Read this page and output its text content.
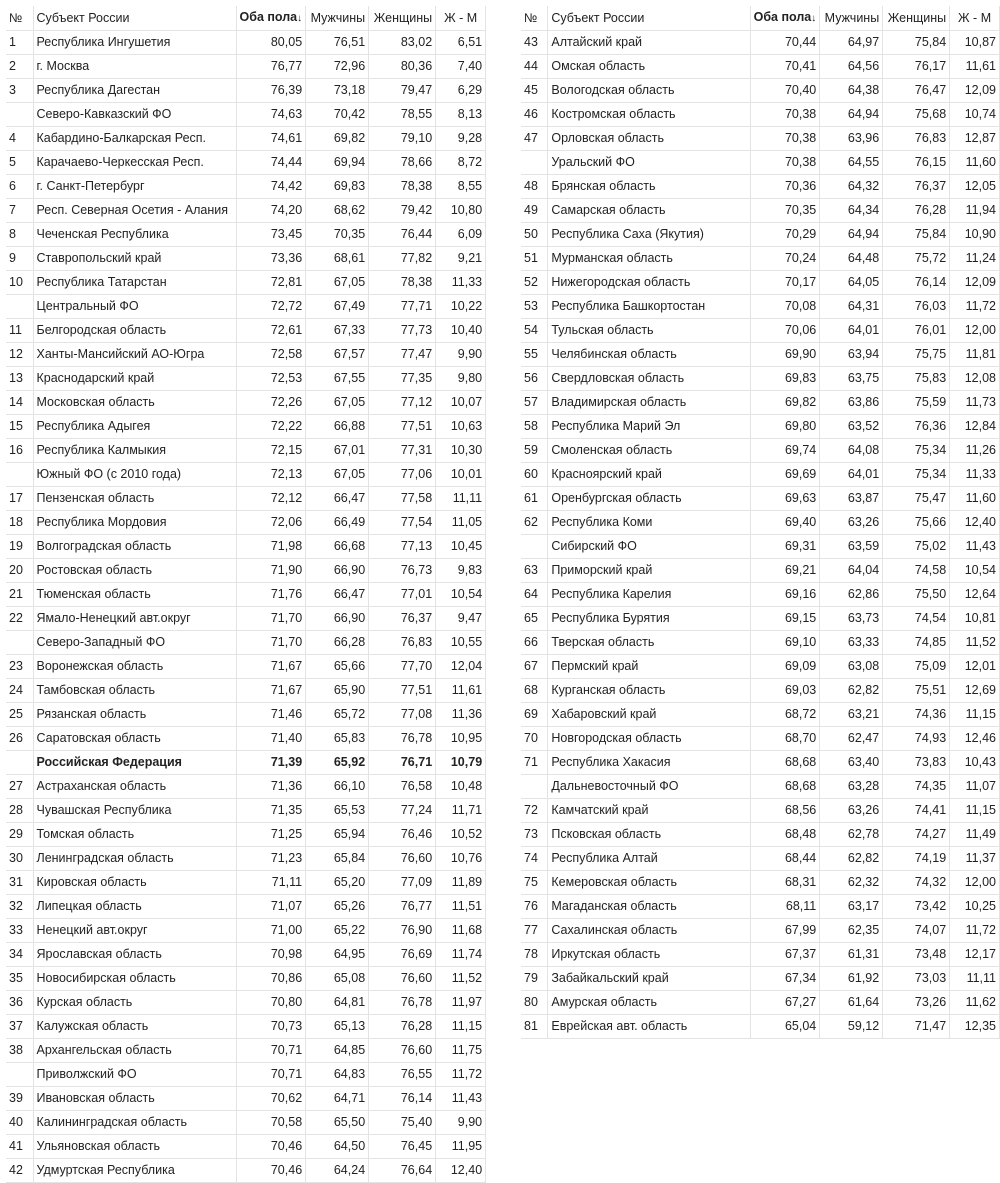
№	Субъект России	Оба пола↓	Мужчины	Женщины	Ж - М
1	Республика Ингушетия	80,05	76,51	83,02	6,51
2	г. Москва	76,77	72,96	80,36	7,40
3	Республика Дагестан	76,39	73,18	79,47	6,29
	Северо-Кавказский ФО	74,63	70,42	78,55	8,13
4	Кабардино-Балкарская Респ.	74,61	69,82	79,10	9,28
5	Карачаево-Черкесская Респ.	74,44	69,94	78,66	8,72
6	г. Санкт-Петербург	74,42	69,83	78,38	8,55
7	Респ. Северная Осетия - Алания	74,20	68,62	79,42	10,80
8	Чеченская Республика	73,45	70,35	76,44	6,09
9	Ставропольский край	73,36	68,61	77,82	9,21
10	Республика Татарстан	72,81	67,05	78,38	11,33
	Центральный ФО	72,72	67,49	77,71	10,22
11	Белгородская область	72,61	67,33	77,73	10,40
12	Ханты-Мансийский АО-Югра	72,58	67,57	77,47	9,90
13	Краснодарский край	72,53	67,55	77,35	9,80
14	Московская область	72,26	67,05	77,12	10,07
15	Республика Адыгея	72,22	66,88	77,51	10,63
16	Республика Калмыкия	72,15	67,01	77,31	10,30
	Южный ФО (с 2010 года)	72,13	67,05	77,06	10,01
17	Пензенская область	72,12	66,47	77,58	11,11
18	Республика Мордовия	72,06	66,49	77,54	11,05
19	Волгоградская область	71,98	66,68	77,13	10,45
20	Ростовская область	71,90	66,90	76,73	9,83
21	Тюменская область	71,76	66,47	77,01	10,54
22	Ямало-Ненецкий авт.округ	71,70	66,90	76,37	9,47
	Северо-Западный ФО	71,70	66,28	76,83	10,55
23	Воронежская область	71,67	65,66	77,70	12,04
24	Тамбовская область	71,67	65,90	77,51	11,61
25	Рязанская область	71,46	65,72	77,08	11,36
26	Саратовская область	71,40	65,83	76,78	10,95
	Российская Федерация	71,39	65,92	76,71	10,79
27	Астраханская область	71,36	66,10	76,58	10,48
28	Чувашская Республика	71,35	65,53	77,24	11,71
29	Томская область	71,25	65,94	76,46	10,52
30	Ленинградская область	71,23	65,84	76,60	10,76
31	Кировская область	71,11	65,20	77,09	11,89
32	Липецкая область	71,07	65,26	76,77	11,51
33	Ненецкий авт.округ	71,00	65,22	76,90	11,68
34	Ярославская область	70,98	64,95	76,69	11,74
35	Новосибирская область	70,86	65,08	76,60	11,52
36	Курская область	70,80	64,81	76,78	11,97
37	Калужская область	70,73	65,13	76,28	11,15
38	Архангельская область	70,71	64,85	76,60	11,75
	Приволжский ФО	70,71	64,83	76,55	11,72
39	Ивановская область	70,62	64,71	76,14	11,43
40	Калининградская область	70,58	65,50	75,40	9,90
41	Ульяновская область	70,46	64,50	76,45	11,95
42	Удмуртская Республика	70,46	64,24	76,64	12,40
№	Субъект России	Оба пола↓	Мужчины	Женщины	Ж - М
43	Алтайский край	70,44	64,97	75,84	10,87
44	Омская область	70,41	64,56	76,17	11,61
45	Вологодская область	70,40	64,38	76,47	12,09
46	Костромская область	70,38	64,94	75,68	10,74
47	Орловская область	70,38	63,96	76,83	12,87
	Уральский ФО	70,38	64,55	76,15	11,60
48	Брянская область	70,36	64,32	76,37	12,05
49	Самарская область	70,35	64,34	76,28	11,94
50	Республика Саха (Якутия)	70,29	64,94	75,84	10,90
51	Мурманская область	70,24	64,48	75,72	11,24
52	Нижегородская область	70,17	64,05	76,14	12,09
53	Республика Башкортостан	70,08	64,31	76,03	11,72
54	Тульская область	70,06	64,01	76,01	12,00
55	Челябинская область	69,90	63,94	75,75	11,81
56	Свердловская область	69,83	63,75	75,83	12,08
57	Владимирская область	69,82	63,86	75,59	11,73
58	Республика Марий Эл	69,80	63,52	76,36	12,84
59	Смоленская область	69,74	64,08	75,34	11,26
60	Красноярский край	69,69	64,01	75,34	11,33
61	Оренбургская область	69,63	63,87	75,47	11,60
62	Республика Коми	69,40	63,26	75,66	12,40
	Сибирский ФО	69,31	63,59	75,02	11,43
63	Приморский край	69,21	64,04	74,58	10,54
64	Республика Карелия	69,16	62,86	75,50	12,64
65	Республика Бурятия	69,15	63,73	74,54	10,81
66	Тверская область	69,10	63,33	74,85	11,52
67	Пермский край	69,09	63,08	75,09	12,01
68	Курганская область	69,03	62,82	75,51	12,69
69	Хабаровский край	68,72	63,21	74,36	11,15
70	Новгородская область	68,70	62,47	74,93	12,46
71	Республика Хакасия	68,68	63,40	73,83	10,43
	Дальневосточный ФО	68,68	63,28	74,35	11,07
72	Камчатский край	68,56	63,26	74,41	11,15
73	Псковская область	68,48	62,78	74,27	11,49
74	Республика Алтай	68,44	62,82	74,19	11,37
75	Кемеровская область	68,31	62,32	74,32	12,00
76	Магаданская область	68,11	63,17	73,42	10,25
77	Сахалинская область	67,99	62,35	74,07	11,72
78	Иркутская область	67,37	61,31	73,48	12,17
79	Забайкальский край	67,34	61,92	73,03	11,11
80	Амурская область	67,27	61,64	73,26	11,62
81	Еврейская авт. область	65,04	59,12	71,47	12,35
